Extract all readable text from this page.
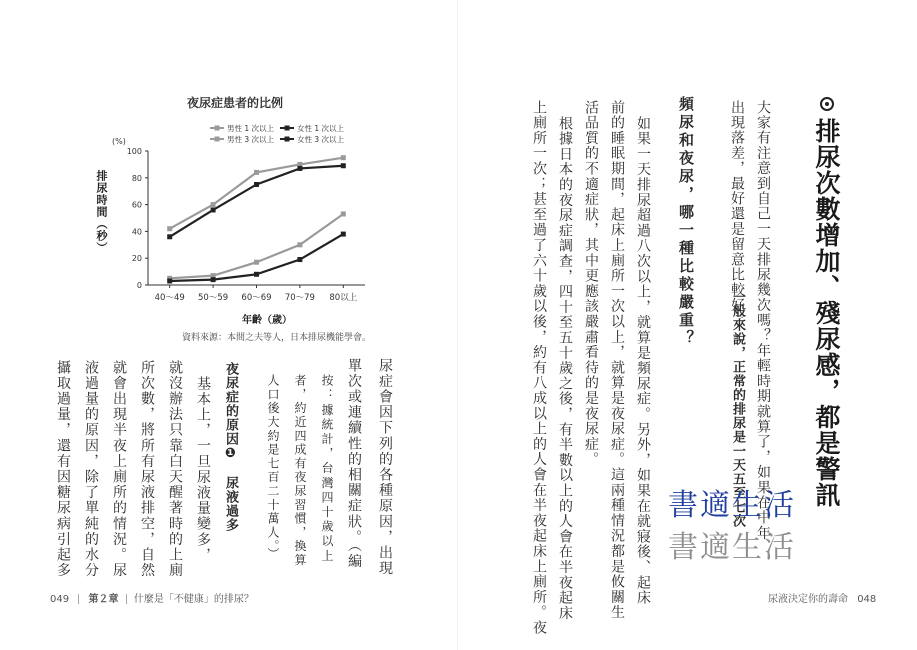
夜尿症患者的比例
(%)
男性 1 次以上	女性 1 次以上
男性 3 次以上	女性 3 次以上
0
20
40
60
80
100
40～49 50～59 60～69 70～79 80以上
年齡（歲）
排尿時間（秒）
資料來源：本間之夫等人，日本排尿機能學會。
尿症會因下列的各種原因，出現
單次或連續性的相關症狀。（編
按：據統計，台灣四十歲以上
者，約近四成有夜尿習慣，換算
人口後大約是七百二十萬人。）
夜尿症的原因❶　尿液過多
基本上，一旦尿液量變多，
就沒辦法只靠白天醒著時的上廁
所次數，將所有尿液排空，自然
就會出現半夜上廁所的情況。尿
液過量的原因，除了單純的水分
攝取過量，還有因糖尿病引起多
049 第２章 什麼是「不健康」的排尿？
排尿次數增加、殘尿感，都是警訊
大家有注意到自己一天排尿幾次嗎？年輕時期就算了，如果在中年
出現落差，最好還是留意比較好。
一般來說，正常的排尿是一天五至七次
頻尿和夜尿，哪一種比較嚴重？
如果一天排尿超過八次以上，就算是頻尿症。另外，如果在就寢後、起床
前的睡眠期間，起床上廁所一次以上，就算是夜尿症。這兩種情況都是攸關生
活品質的不適症狀，其中更應該嚴肅看待的是夜尿症。
根據日本的夜尿症調查，四十至五十歲之後，有半數以上的人會在半夜起床
上廁所一次；甚至過了六十歲以後，約有八成以上的人會在半夜起床上廁所。夜	書適生活
書適生活
尿液決定你的壽命 048
